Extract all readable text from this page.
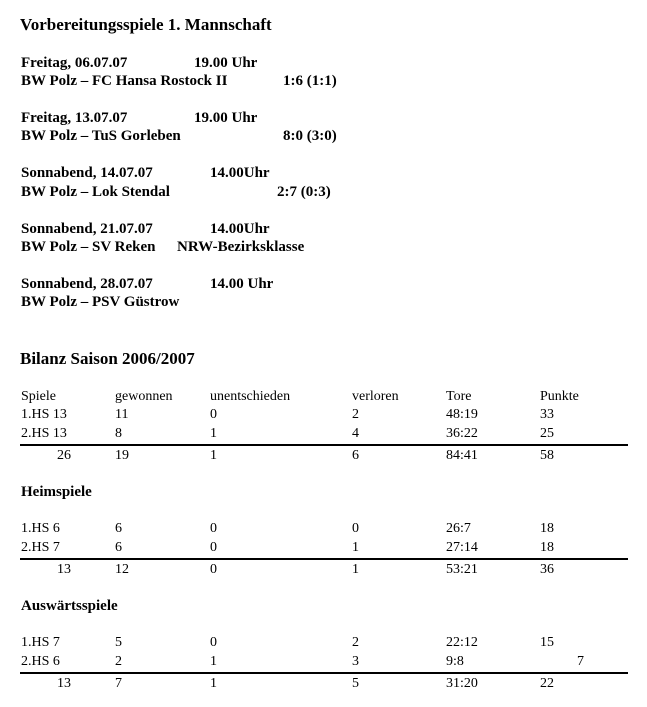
Vorbereitungsspiele 1. Mannschaft
Freitag, 06.07.07	19.00 Uhr
BW Polz – FC Hansa Rostock II	1:6 (1:1)
Freitag, 13.07.07	19.00 Uhr
BW Polz – TuS Gorleben	8:0 (3:0)
Sonnabend, 14.07.07	14.00Uhr
BW Polz – Lok Stendal	2:7 (0:3)
Sonnabend, 21.07.07	14.00Uhr
BW Polz – SV Reken NRW-Bezirksklasse
Sonnabend, 28.07.07	14.00 Uhr
BW Polz – PSV Güstrow
Bilanz Saison 2006/2007
Spiele	gewonnen	unentschieden	verloren	Tore	Punkte
1.HS 13	11	0	2	48:19	33
2.HS 13	8	1	4	36:22	25
26	19	1	6	84:41	58
Heimspiele
1.HS 6	6	0	0	26:7	18
2.HS 7	6	0	1	27:14	18
13	12	0	1	53:21	36
Auswärtsspiele
1.HS 7	5	0	2	22:12	15
2.HS 6	2	1	3	9:8	7
13	7	1	5	31:20	22
